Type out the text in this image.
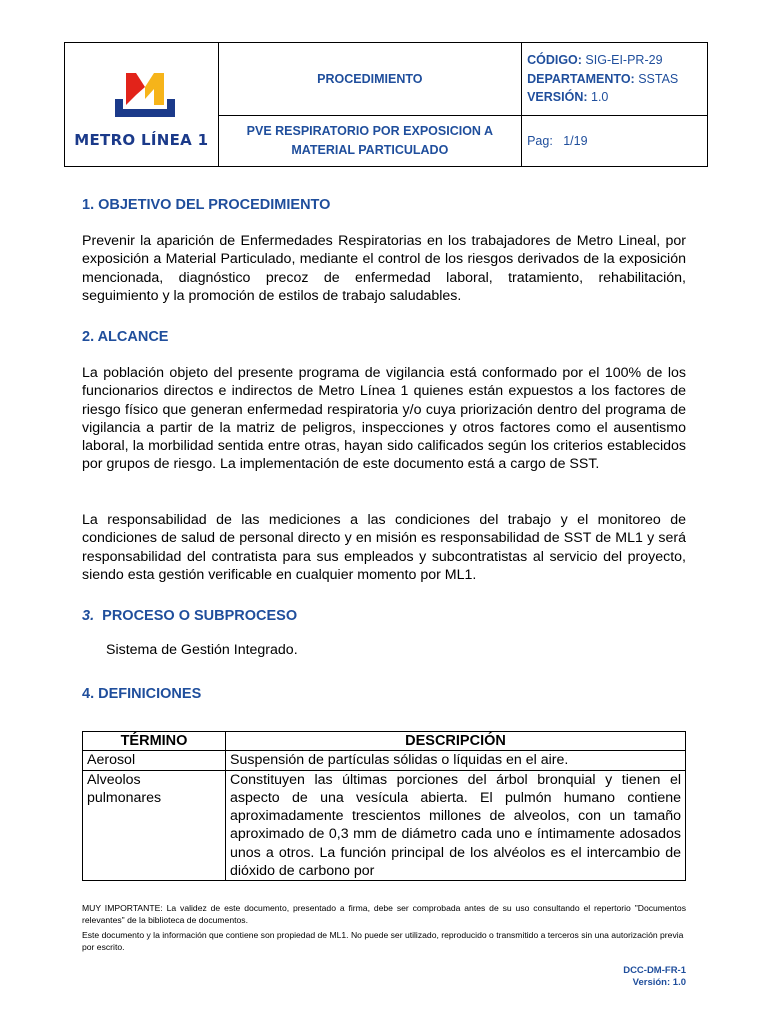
METRO LÍNEA 1	PROCEDIMIENTO	CÓDIGO: SIG-EI-PR-29
DEPARTAMENTO: SSTAS
VERSIÓN: 1.0

	PVE RESPIRATORIO POR EXPOSICION A MATERIAL PARTICULADO	Pag: 1/19
1. OBJETIVO DEL PROCEDIMIENTO
Prevenir la aparición de Enfermedades Respiratorias en los trabajadores de Metro Lineal, por exposición a Material Particulado, mediante el control de los riesgos derivados de la exposición mencionada, diagnóstico precoz de enfermedad laboral, tratamiento, rehabilitación, seguimiento y la promoción de estilos de trabajo saludables.
2. ALCANCE
La población objeto del presente programa de vigilancia está conformado por el 100% de los funcionarios directos e indirectos de Metro Línea 1 quienes están expuestos a los factores de riesgo físico que generan enfermedad respiratoria y/o cuya priorización dentro del programa de vigilancia a partir de la matriz de peligros, inspecciones y otros factores como el ausentismo laboral, la morbilidad sentida entre otras, hayan sido calificados según los criterios establecidos por grupos de riesgo. La implementación de este documento está a cargo de SST.
La responsabilidad de las mediciones a las condiciones del trabajo y el monitoreo de condiciones de salud de personal directo y en misión es responsabilidad de SST de ML1 y será responsabilidad del contratista para sus empleados y subcontratistas al servicio del proyecto, siendo esta gestión verificable en cualquier momento por ML1.
3. PROCESO O SUBPROCESO
Sistema de Gestión Integrado.
4. DEFINICIONES
TÉRMINO	DESCRIPCIÓN
Aerosol	Suspensión de partículas sólidas o líquidas en el aire.

Alveolos pulmonares	Constituyen las últimas porciones del árbol bronquial y tienen el aspecto de una vesícula abierta. El pulmón humano contiene aproximadamente trescientos millones de alveolos, con un tamaño aproximado de 0,3 mm de diámetro cada uno e íntimamente adosados unos a otros. La función principal de los alvéolos es el intercambio de dióxido de carbono por
MUY IMPORTANTE: La validez de este documento, presentado a firma, debe ser comprobada antes de su uso consultando el repertorio "Documentos relevantes" de la biblioteca de documentos.
Este documento y la información que contiene son propiedad de ML1. No puede ser utilizado, reproducido o transmitido a terceros sin una autorización previa por escrito.
DCC-DM-FR-1
Versión: 1.0
